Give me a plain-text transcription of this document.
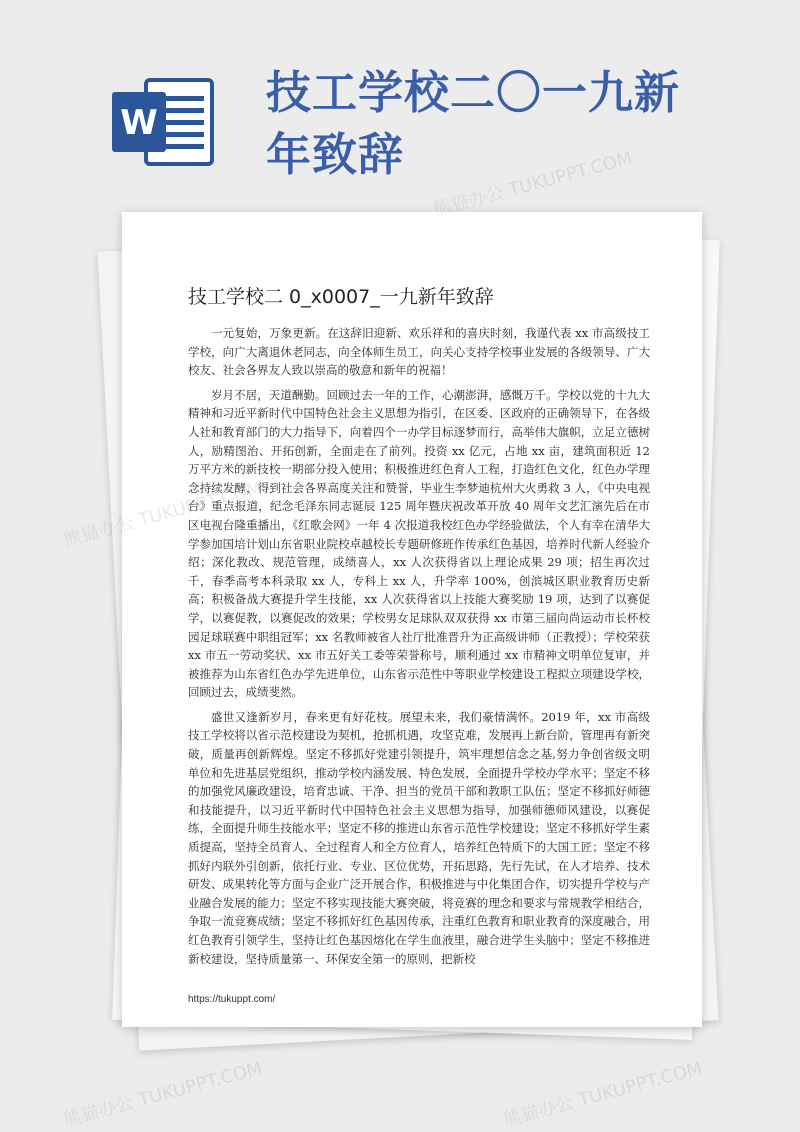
W
技工学校二〇一九新年致辞
技工学校二 0_x0007_一九新年致辞

一元复始，万象更新。在这辞旧迎新、欢乐祥和的喜庆时刻，我谨代表 xx 市高级技工学校，向广大离退休老同志，向全体师生员工，向关心支持学校事业发展的各级领导、广大校友、社会各界友人致以崇高的敬意和新年的祝福！

岁月不居，天道酬勤。回顾过去一年的工作，心潮澎湃，感慨万千。学校以党的十九大精神和习近平新时代中国特色社会主义思想为指引，在区委、区政府的正确领导下，在各级人社和教育部门的大力指导下，向着四个一办学目标逐梦而行，高举伟大旗帜，立足立德树人，励精图治、开拓创新，全面走在了前列。投资 xx 亿元，占地 xx 亩，建筑面积近 12 万平方米的新技校一期部分投入使用；积极推进红色育人工程，打造红色文化，红色办学理念持续发酵，得到社会各界高度关注和赞誉，毕业生李梦迪杭州大火勇救 3 人，《中央电视台》重点报道，纪念毛泽东同志诞辰 125 周年暨庆祝改革开放 40 周年文艺汇演先后在市区电视台隆重播出，《红歌会网》一年 4 次报道我校红色办学经验做法，个人有幸在清华大学参加国培计划山东省职业院校卓越校长专题研修班作传承红色基因，培养时代新人经验介绍；深化教改、规范管理，成绩喜人，xx 人次获得省以上理论成果 29 项；招生再次过千，春季高考本科录取 xx 人，专科上 xx 人，升学率 100%，创滨城区职业教育历史新高；积极备战大赛提升学生技能，xx 人次获得省以上技能大赛奖励 19 项，达到了以赛促学，以赛促教，以赛促改的效果；学校男女足球队双双获得 xx 市第三届向尚运动市长杯校园足球联赛中职组冠军；xx 名教师被省人社厅批准晋升为正高级讲师（正教授）；学校荣获 xx 市五一劳动奖状、xx 市五好关工委等荣誉称号，顺利通过 xx 市精神文明单位复审，并被推荐为山东省红色办学先进单位，山东省示范性中等职业学校建设工程拟立项建设学校，回顾过去，成绩斐然。

盛世又逢新岁月，春来更有好花枝。展望未来，我们豪情满怀。2019 年，xx 市高级技工学校将以省示范校建设为契机，抢抓机遇，攻坚克难，发展再上新台阶，管理再有新突破，质量再创新辉煌。坚定不移抓好党建引领提升，筑牢理想信念之基,努力争创省级文明单位和先进基层党组织，推动学校内涵发展、特色发展，全面提升学校办学水平；坚定不移的加强党风廉政建设，培育忠诚、干净、担当的党员干部和教职工队伍；坚定不移抓好师德和技能提升，以习近平新时代中国特色社会主义思想为指导，加强师德师风建设，以赛促练，全面提升师生技能水平；坚定不移的推进山东省示范性学校建设；坚定不移抓好学生素质提高，坚持全员育人、全过程育人和全方位育人，培养红色特质下的大国工匠；坚定不移抓好内联外引创新，依托行业、专业、区位优势，开拓思路，先行先试，在人才培养、技术研发、成果转化等方面与企业广泛开展合作，积极推进与中化集团合作，切实提升学校与产业融合发展的能力；坚定不移实现技能大赛突破，将竞赛的理念和要求与常规教学相结合，争取一流竞赛成绩；坚定不移抓好红色基因传承，注重红色教育和职业教育的深度融合，用红色教育引领学生，坚持让红色基因熔化在学生血液里，融合进学生头脑中；坚定不移推进新校建设，坚持质量第一、环保安全第一的原则，把新校

https://tukuppt.com/
熊猫办公 TUKUPPT.COM
熊猫办公
熊猫办公 TUKUPPT.COM	熊猫办公 TUKUPPT.COM
